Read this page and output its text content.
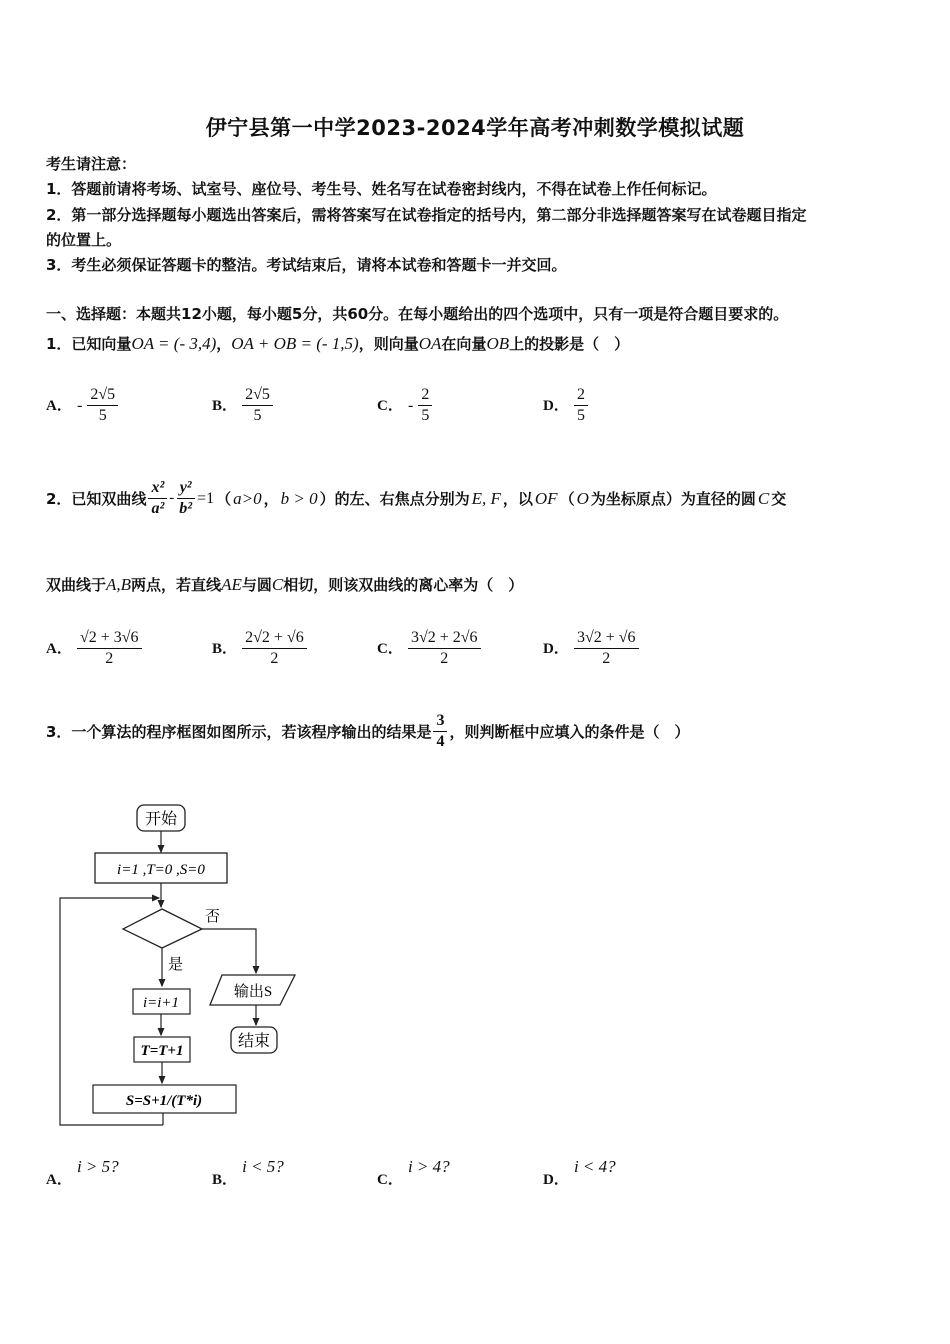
伊宁县第一中学2023-2024学年高考冲刺数学模拟试题
考生请注意：
1．答题前请将考场、试室号、座位号、考生号、姓名写在试卷密封线内，不得在试卷上作任何标记。
2．第一部分选择题每小题选出答案后，需将答案写在试卷指定的括号内，第二部分非选择题答案写在试卷题目指定
的位置上。
3．考生必须保证答题卡的整洁。考试结束后，请将本试卷和答题卡一并交回。
一、选择题：本题共12小题，每小题5分，共60分。在每小题给出的四个选项中，只有一项是符合题目要求的。
1．已知向量OA = (- 3,4)，OA + OB = (- 1,5)，则向量OA在向量OB上的投影是（　）
A． - $\frac{2√5}{5}$	B． $\frac{2√5}{5}$	C． - $\frac{2}{5}$	D． $\frac{2}{5}$
2．已知双曲线 $\frac{\text{x²}}{\text{a²}} - \frac{\text{y²}}{\text{b²}} =1$ （ a>0 ， b > 0 ）的左、右焦点分别为 E, F ，以 OF （ O 为坐标原点）为直径的圆 C 交
双曲线于A,B两点，若直线AE与圆C相切，则该双曲线的离心率为（　）
A． $\frac{√2 + 3√6}{2}$	B． $\frac{2√2 + √6}{2}$	C． $\frac{3√2 + 2√6}{2}$	D． $\frac{3√2 + √6}{2}$
3．一个算法的程序框图如图所示，若该程序输出的结果是 $\frac{3}{4}$ ，则判断框中应填入的条件是（　）
开始
i=1 ,T=0 ,S=0
否
输出S
结束
是
i=i+1
T=T+1
S=S+1/(T*i)
A． i > 5?
B． i < 5?
C． i > 4?
D． i < 4?
